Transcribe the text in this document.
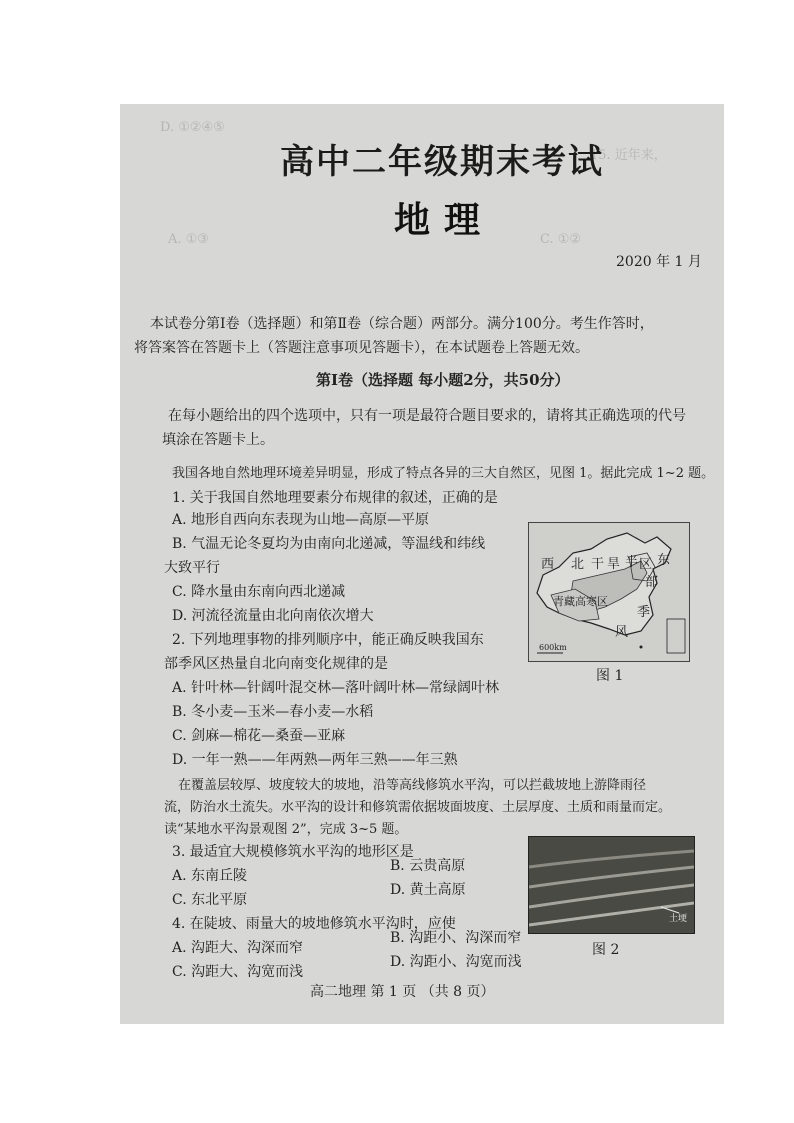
D. ①②④⑤
15. 近年来，
C. ①②
A. ①③
高中二年级期末考试
地理
2020 年 1 月
本试卷分第Ⅰ卷（选择题）和第Ⅱ卷（综合题）两部分。满分100分。考生作答时，
将答案答在答题卡上（答题注意事项见答题卡），在本试题卷上答题无效。
第Ⅰ卷（选择题 每小题2分，共50分）
在每小题给出的四个选项中，只有一项是最符合题目要求的，请将其正确选项的代号
填涂在答题卡上。
我国各地自然地理环境差异明显，形成了特点各异的三大自然区，见图 1。据此完成 1~2 题。
1. 关于我国自然地理要素分布规律的叙述，正确的是
A. 地形自西向东表现为山地—高原—平原
B. 气温无论冬夏均为由南向北递减，等温线和纬线
大致平行
C. 降水量由东南向西北递减
D. 河流径流量由北向南依次增大
2. 下列地理事物的排列顺序中，能正确反映我国东
部季风区热量自北向南变化规律的是
A. 针叶林—针阔叶混交林—落叶阔叶林—常绿阔叶林
B. 冬小麦—玉米—春小麦—水稻
C. 剑麻—棉花—桑蚕—亚麻
D. 一年一熟——年两熟—两年三熟——年三熟
在覆盖层较厚、坡度较大的坡地，沿等高线修筑水平沟，可以拦截坡地上游降雨径
流，防治水土流失。水平沟的设计和修筑需依据坡面坡度、土层厚度、土质和雨量而定。
读“某地水平沟景观图 2”，完成 3~5 题。
3. 最适宜大规模修筑水平沟的地形区是
A. 东南丘陵
B. 云贵高原
C. 东北平原
D. 黄土高原
4. 在陡坡、雨量大的坡地修筑水平沟时，应使
A. 沟距大、沟深而窄
B. 沟距小、沟深而窄
C. 沟距大、沟宽而浅
D. 沟距小、沟宽而浅
西 北 干 旱 半 区 东
部
季
风
青藏高寒区
600km
图 1
土埂
图 2
高二地理 第 1 页 （共 8 页）
